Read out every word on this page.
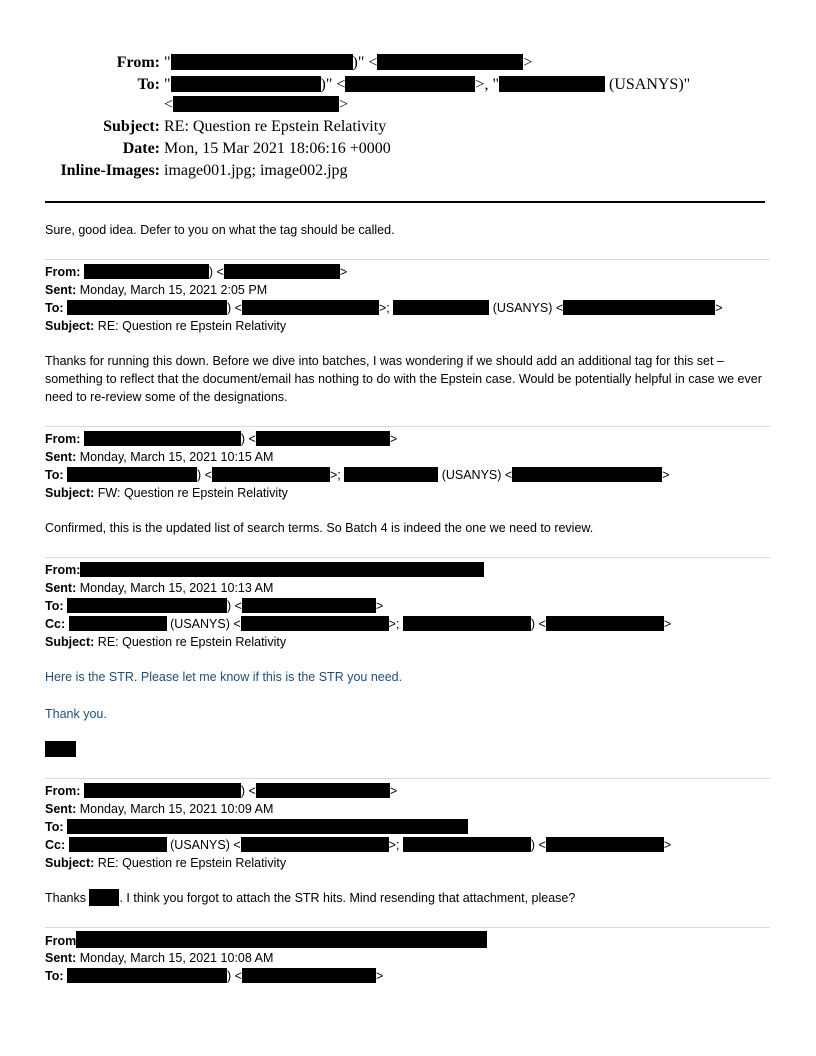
From: "	)" <	>
To: "	)" <	>, "	(USANYS)"
<	>
Subject: RE: Question re Epstein Relativity
Date: Mon, 15 Mar 2021 18:06:16 +0000
Inline-Images: image001.jpg; image002.jpg
Sure, good idea. Defer to you on what the tag should be called.
From:	) <	>
Sent: Monday, March 15, 2021 2:05 PM
To:	) <	>;	(USANYS) <	>
Subject: RE: Question re Epstein Relativity
Thanks for running this down. Before we dive into batches, I was wondering if we should add an additional tag for this set – something to reflect that the document/email has nothing to do with the Epstein case. Would be potentially helpful in case we ever need to re-review some of the designations.
From:	) <	>
Sent: Monday, March 15, 2021 10:15 AM
To:	) <	>;	(USANYS) <	>
Subject: FW: Question re Epstein Relativity
Confirmed, this is the updated list of search terms. So Batch 4 is indeed the one we need to review.
From:
Sent: Monday, March 15, 2021 10:13 AM
To:	) <	>
Cc:	(USANYS) <	>;	) <	>
Subject: RE: Question re Epstein Relativity
Here is the STR. Please let me know if this is the STR you need.
Thank you.
From:	) <	>
Sent: Monday, March 15, 2021 10:09 AM
To:
Cc:	(USANYS) <	>;	) <	>
Subject: RE: Question re Epstein Relativity
Thanks	. I think you forgot to attach the STR hits. Mind resending that attachment, please?
From
Sent: Monday, March 15, 2021 10:08 AM
To:	) <	>
